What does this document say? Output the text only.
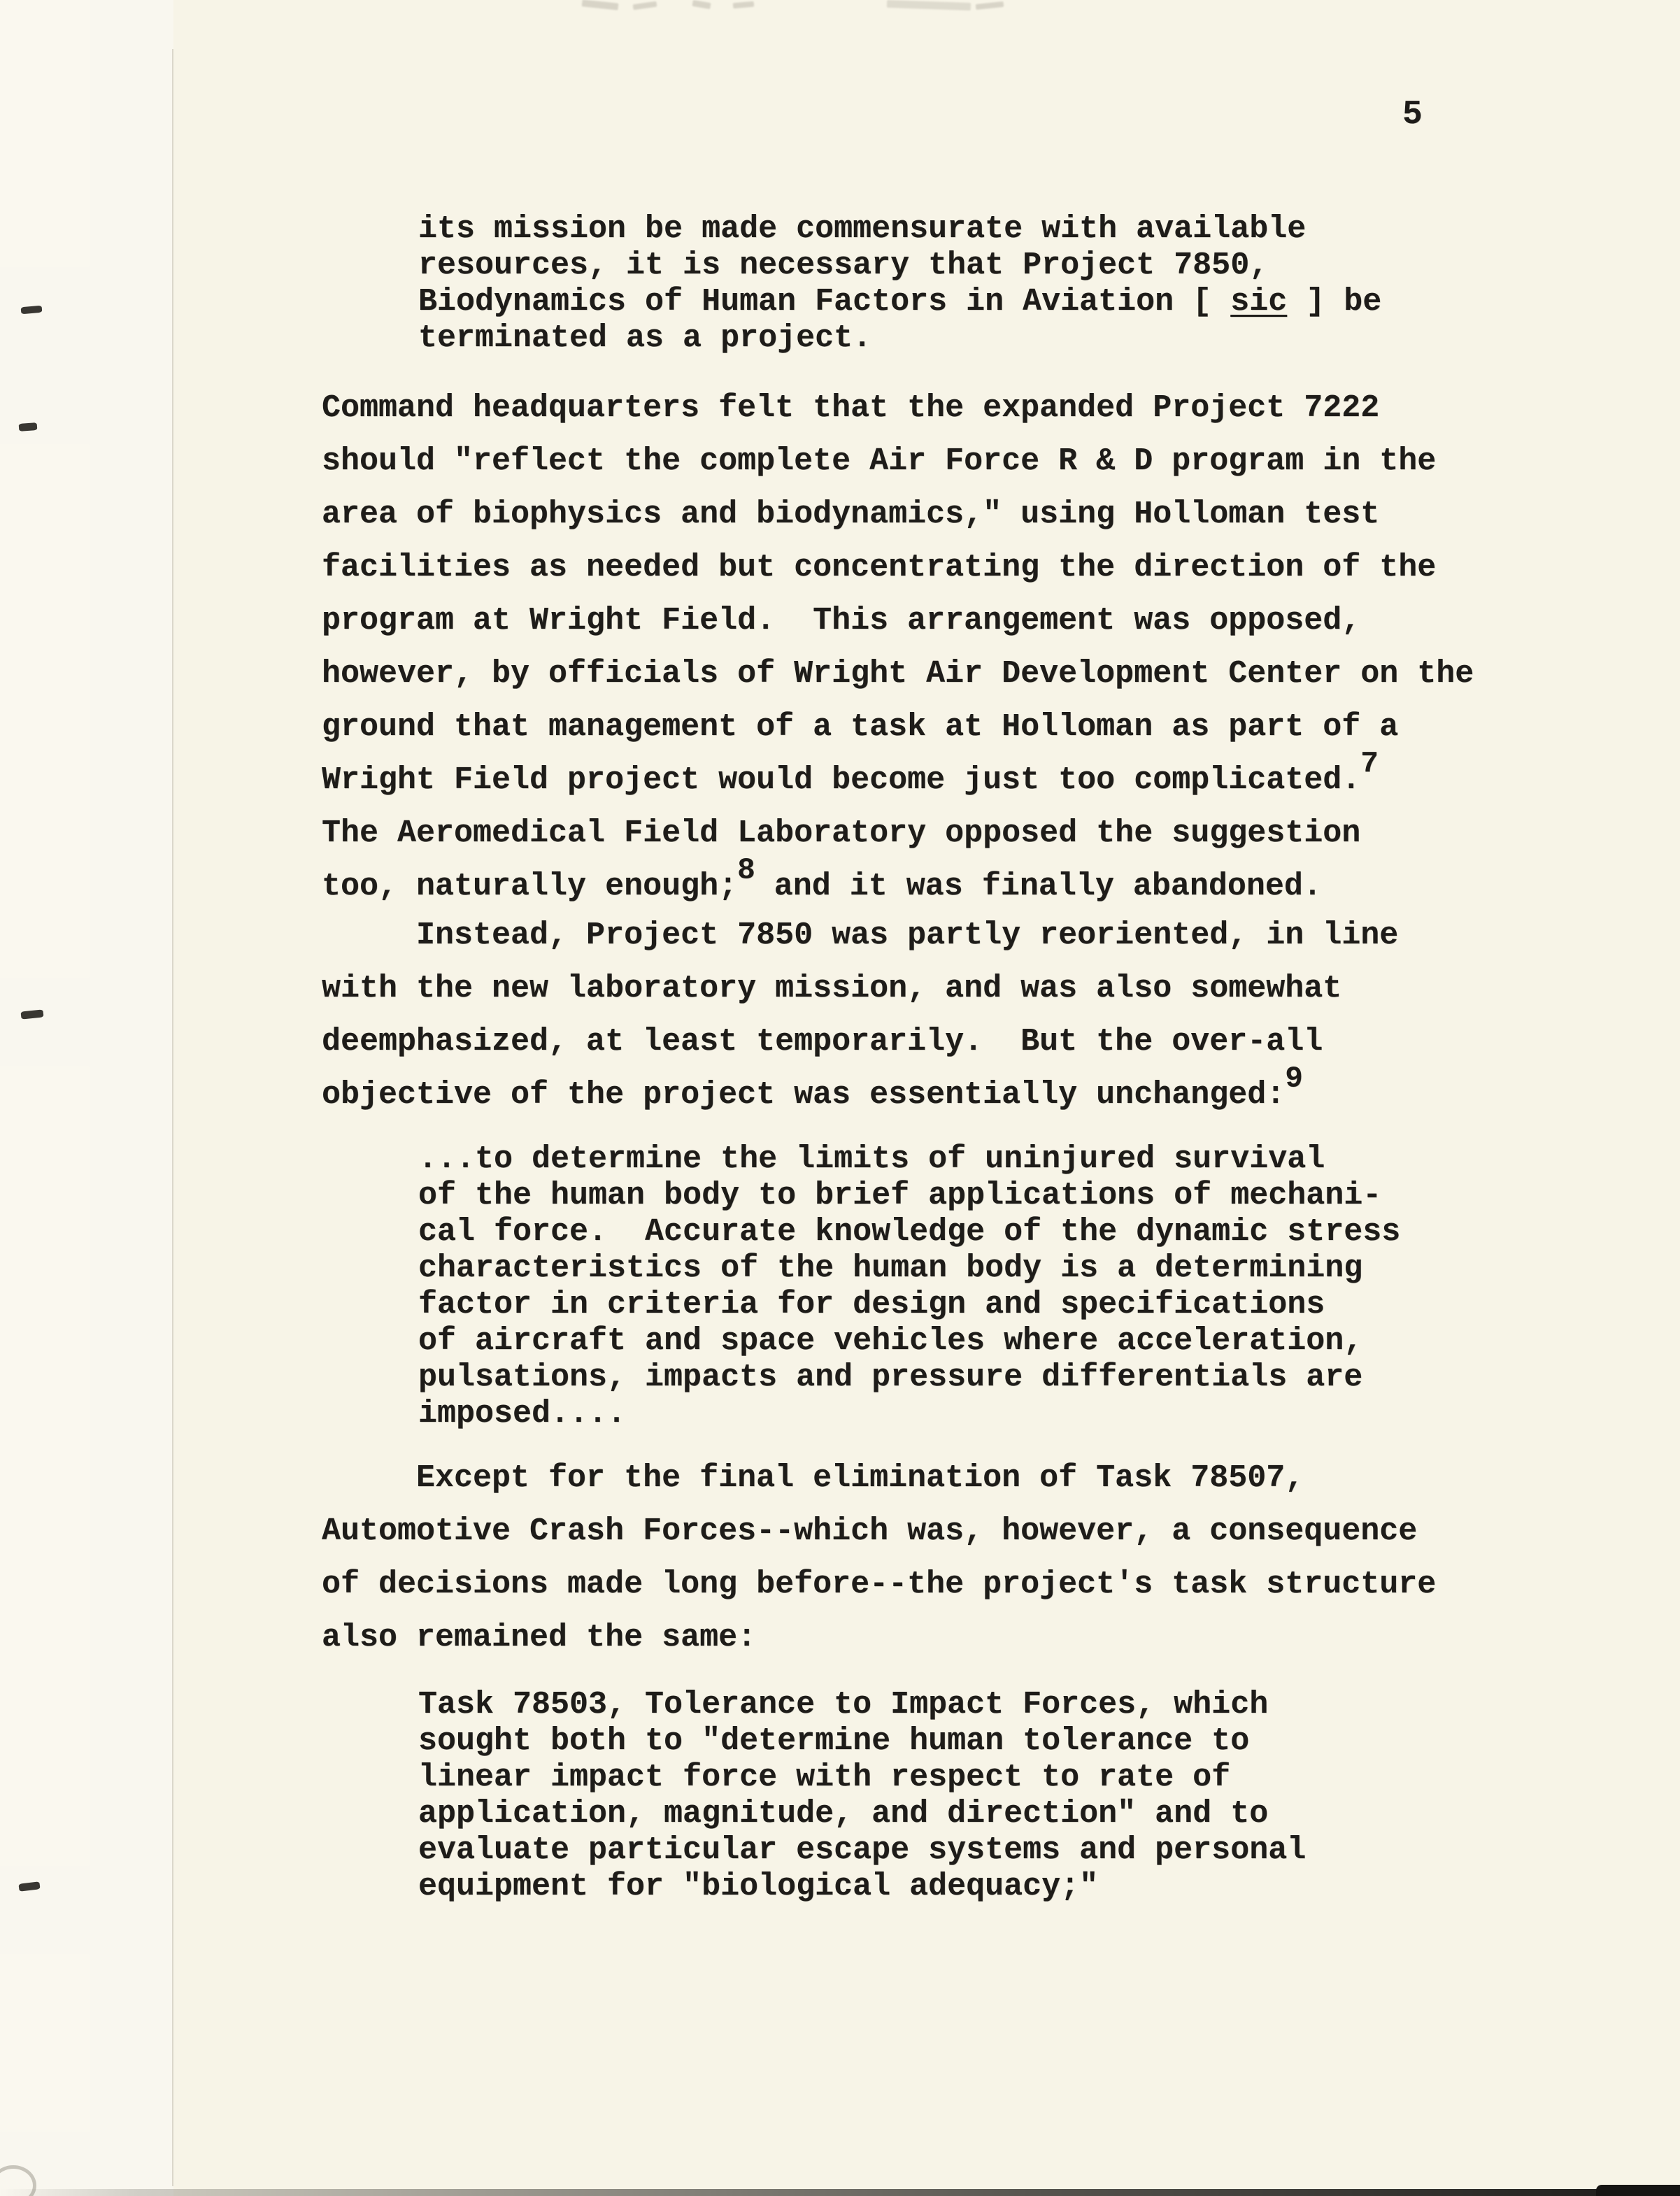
5
its mission be made commensurate with available
resources, it is necessary that Project 7850,
Biodynamics of Human Factors in Aviation [ sic ] be
terminated as a project.
Command headquarters felt that the expanded Project 7222
should "reflect the complete Air Force R & D program in the
area of biophysics and biodynamics," using Holloman test
facilities as needed but concentrating the direction of the
program at Wright Field.  This arrangement was opposed,
however, by officials of Wright Air Development Center on the
ground that management of a task at Holloman as part of a
Wright Field project would become just too complicated.7
The Aeromedical Field Laboratory opposed the suggestion
too, naturally enough;8 and it was finally abandoned.
Instead, Project 7850 was partly reoriented, in line
with the new laboratory mission, and was also somewhat
deemphasized, at least temporarily.  But the over-all
objective of the project was essentially unchanged:9
...to determine the limits of uninjured survival
of the human body to brief applications of mechani-
cal force.  Accurate knowledge of the dynamic stress
characteristics of the human body is a determining
factor in criteria for design and specifications
of aircraft and space vehicles where acceleration,
pulsations, impacts and pressure differentials are
imposed....
Except for the final elimination of Task 78507,
Automotive Crash Forces--which was, however, a consequence
of decisions made long before--the project's task structure
also remained the same:
Task 78503, Tolerance to Impact Forces, which
sought both to "determine human tolerance to
linear impact force with respect to rate of
application, magnitude, and direction" and to
evaluate particular escape systems and personal
equipment for "biological adequacy;"
